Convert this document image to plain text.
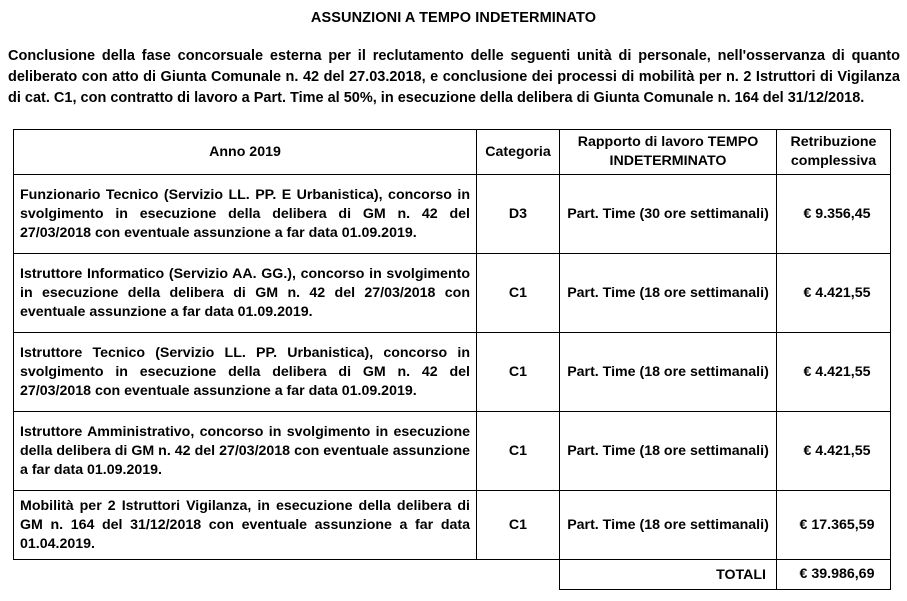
ASSUNZIONI A TEMPO INDETERMINATO

Conclusione della fase concorsuale esterna per il reclutamento delle seguenti unità di personale, nell'osservanza di quanto deliberato con atto di Giunta Comunale n. 42 del 27.03.2018, e conclusione dei processi di mobilità per n. 2 Istruttori di Vigilanza di cat. C1, con contratto di lavoro a Part. Time al 50%, in esecuzione della delibera di Giunta Comunale n. 164 del 31/12/2018.

Anno 2019	Categoria	Rapporto di lavoro TEMPO INDETERMINATO	Retribuzione complessiva
Funzionario Tecnico (Servizio LL. PP. E Urbanistica), concorso in svolgimento in esecuzione della delibera di GM n. 42 del 27/03/2018 con eventuale assunzione a far data 01.09.2019.	D3	Part. Time (30 ore settimanali)	€ 9.356,45
Istruttore Informatico (Servizio AA. GG.), concorso in svolgimento in esecuzione della delibera di GM n. 42 del 27/03/2018 con eventuale assunzione a far data 01.09.2019.	C1	Part. Time (18 ore settimanali)	€ 4.421,55
Istruttore Tecnico (Servizio LL. PP. Urbanistica), concorso in svolgimento in esecuzione della delibera di GM n. 42 del 27/03/2018 con eventuale assunzione a far data 01.09.2019.	C1	Part. Time (18 ore settimanali)	€ 4.421,55
Istruttore Amministrativo, concorso in svolgimento in esecuzione della delibera di GM n. 42 del 27/03/2018 con eventuale assunzione a far data 01.09.2019.	C1	Part. Time (18 ore settimanali)	€ 4.421,55
Mobilità per 2 Istruttori Vigilanza, in esecuzione della delibera di GM n. 164 del 31/12/2018 con eventuale assunzione a far data 01.04.2019.	C1	Part. Time (18 ore settimanali)	€ 17.365,59
		TOTALI	€ 39.986,69
